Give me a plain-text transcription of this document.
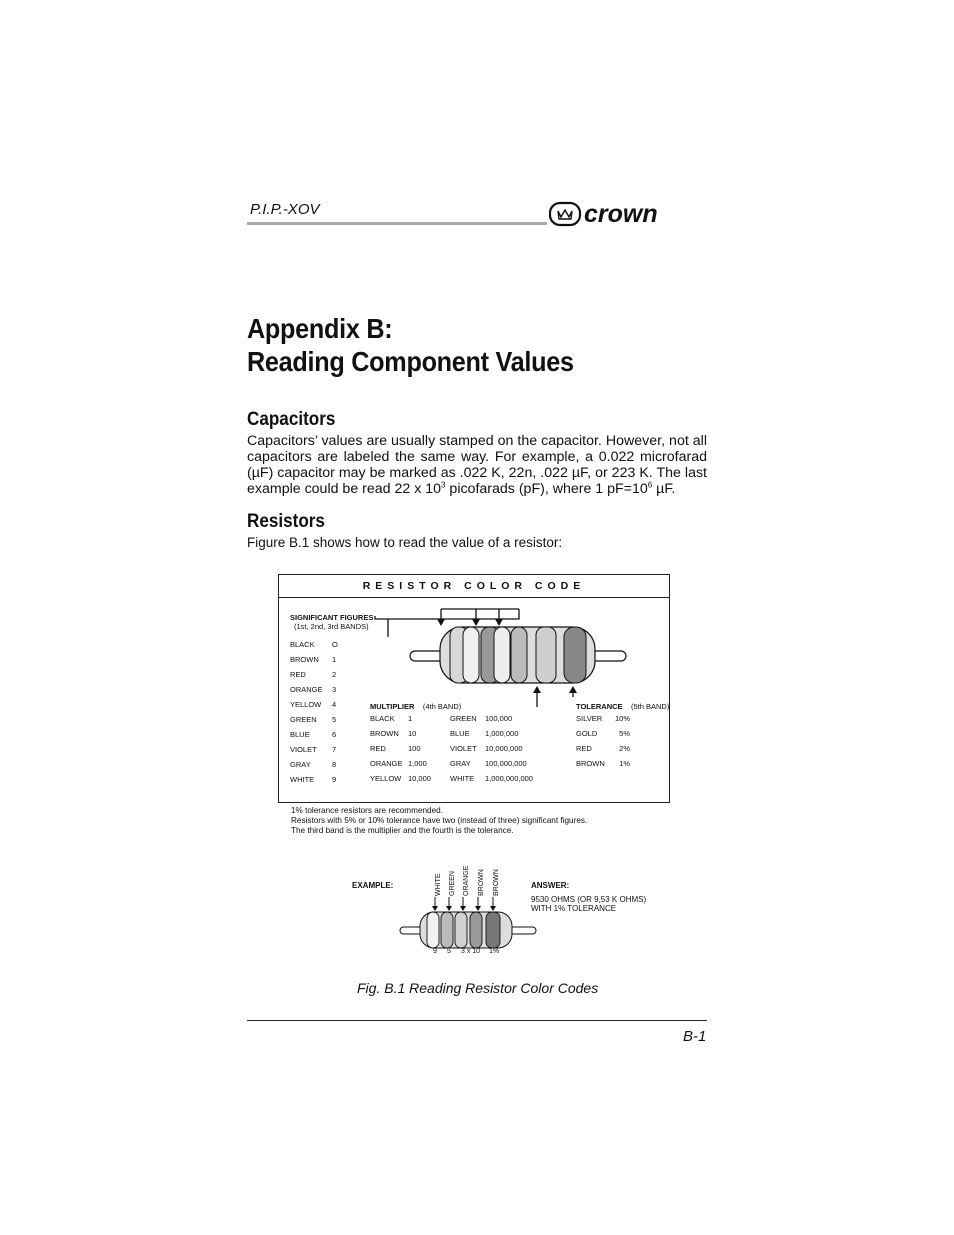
P.I.P.-XOV	crown
Appendix B:
Reading Component Values
Capacitors
Capacitors’ values are usually stamped on the capacitor. However, not all capacitors are labeled the same way. For example, a 0.022 microfarad (µF) capacitor may be marked as .022 K, 22n, .022 µF, or 223 K. The last example could be read 22 x $10^3$ picofarads (pF), where 1 $pF=10^6$ µF.
Resistors
Figure B.1 shows how to read the value of a resistor:
RESISTOR COLOR CODE
SIGNIFICANT FIGURES
(1st, 2nd, 3rd BANDS)
BLACK O
BROWN 1
RED	2
ORANGE 3
YELLOW 4
GREEN 5
BLUE	6
VIOLET 7
GRAY	8
WHITE 9
MULTIPLIER (4th BAND)
BLACK 1
BROWN 10
RED	100
ORANGE 1,000
YELLOW 10,000
GREEN 100,000
BLUE 1,000,000
VIOLET 10,000,000
GRAY 100,000,000
WHITE 1,000,000,000
TOLERANCE (5th BAND)
SILVER 10%
GOLD	5%
RED	2%
BROWN	1%
1% tolerance resistors are recommended.
Resistors with 5% or 10% tolerance have two (instead of three) significant figures.
The third band is the multiplier and the fourth is the tolerance.
EXAMPLE:	ANSWER:
9530 OHMS (OR 9,53 K OHMS)
WITH 1% TOLERANCE
WHITE GREEN ORANGE BROWN BROWN
9 5 3 x 10 1%
Fig. B.1 Reading Resistor Color Codes
B-1
